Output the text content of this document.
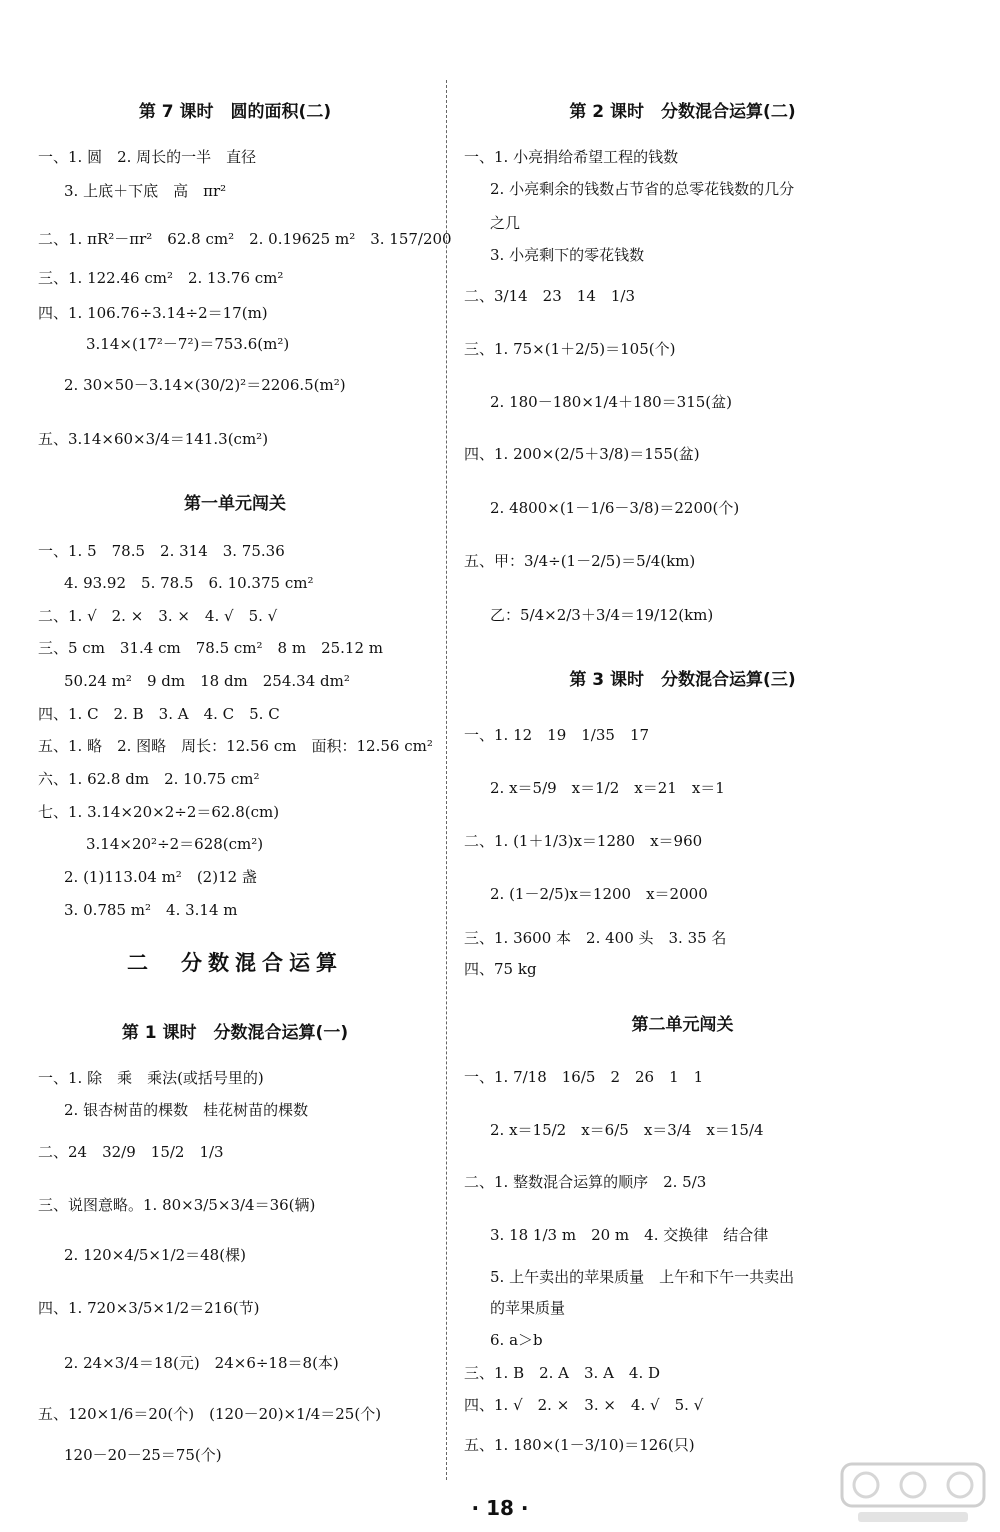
第 7 课时　圆的面积(二)
一、1. 圆　2. 周长的一半　直径
3. 上底＋下底　高　πr²
二、1. πR²－πr²　62.8 cm²　2. 0.19625 m²　3. 157/200
三、1. 122.46 cm²　2. 13.76 cm²
四、1. 106.76÷3.14÷2＝17(m)
3.14×(17²－7²)＝753.6(m²)
2. 30×50－3.14×(30/2)²＝2206.5(m²)
五、3.14×60×3/4＝141.3(cm²)
第一单元闯关
一、1. 5　78.5　2. 314　3. 75.36
4. 93.92　5. 78.5　6. 10.375 cm²
二、1. √　2. ×　3. ×　4. √　5. √
三、5 cm　31.4 cm　78.5 cm²　8 m　25.12 m
50.24 m²　9 dm　18 dm　254.34 dm²
四、1. C　2. B　3. A　4. C　5. C
五、1. 略　2. 图略　周长：12.56 cm　面积：12.56 cm²
六、1. 62.8 dm　2. 10.75 cm²
七、1. 3.14×20×2÷2＝62.8(cm)
3.14×20²÷2＝628(cm²)
2. (1)113.04 m²　(2)12 盏
3. 0.785 m²　4. 3.14 m
二　分数混合运算
第 1 课时　分数混合运算(一)
一、1. 除　乘　乘法(或括号里的)
2. 银杏树苗的棵数　桂花树苗的棵数
二、24　32/9　15/2　1/3
三、说图意略。1. 80×3/5×3/4＝36(辆)
2. 120×4/5×1/2＝48(棵)
四、1. 720×3/5×1/2＝216(节)
2. 24×3/4＝18(元)　24×6÷18＝8(本)
五、120×1/6＝20(个)　(120－20)×1/4＝25(个)
120－20－25＝75(个)
第 2 课时　分数混合运算(二)
一、1. 小亮捐给希望工程的钱数
2. 小亮剩余的钱数占节省的总零花钱数的几分
之几
3. 小亮剩下的零花钱数
二、3/14　23　14　1/3
三、1. 75×(1＋2/5)＝105(个)
2. 180－180×1/4＋180＝315(盆)
四、1. 200×(2/5＋3/8)＝155(盆)
2. 4800×(1－1/6－3/8)＝2200(个)
五、甲：3/4÷(1－2/5)＝5/4(km)
乙：5/4×2/3＋3/4＝19/12(km)
第 3 课时　分数混合运算(三)
一、1. 12　19　1/35　17
2. x＝5/9　x＝1/2　x＝21　x＝1
二、1. (1＋1/3)x＝1280　x＝960
2. (1－2/5)x＝1200　x＝2000
三、1. 3600 本　2. 400 头　3. 35 名
四、75 kg
第二单元闯关
一、1. 7/18　16/5　2　26　1　1
2. x＝15/2　x＝6/5　x＝3/4　x＝15/4
二、1. 整数混合运算的顺序　2. 5/3
3. 18 1/3 m　20 m　4. 交换律　结合律
5. 上午卖出的苹果质量　上午和下午一共卖出
的苹果质量
6. a＞b
三、1. B　2. A　3. A　4. D
四、1. √　2. ×　3. ×　4. √　5. √
五、1. 180×(1－3/10)＝126(只)
· 18 ·
